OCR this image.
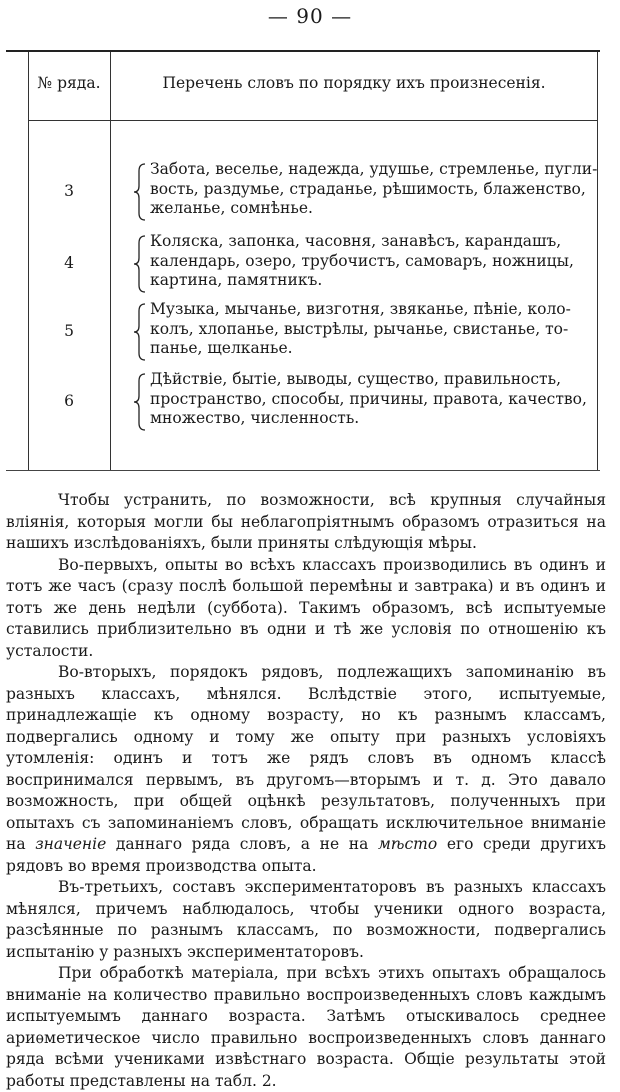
— 90 —
№ ряда.	Перечень словъ по порядку ихъ произнесенія.
3
Забота, веселье, надежда, удушье, стремленье, пугли-
вость, раздумье, страданье, рѣшимость, блаженство,
желанье, сомнѣнье.
4
Коляска, запонка, часовня, занавѣсъ, карандашъ,
календарь, озеро, трубочистъ, самоваръ, ножницы,
картина, памятникъ.
5
Музыка, мычанье, визготня, звяканье, пѣніе, коло-
колъ, хлопанье, выстрѣлы, рычанье, свистанье, то-
панье, щелканье.
6
Дѣйствіе, бытіе, выводы, существо, правильность,
пространство, способы, причины, правота, качество,
множество, численность.

Чтобы устранить, по возможности, всѣ крупныя случайныя вліянія, которыя могли бы неблагопріятнымъ образомъ отразиться на нашихъ изслѣдованіяхъ, были приняты слѣдующія мѣры.

Во-первыхъ, опыты во всѣхъ классахъ производились въ одинъ и тотъ же часъ (сразу послѣ большой перемѣны и завтрака) и въ одинъ и тотъ же день недѣли (суббота). Такимъ образомъ, всѣ испытуемые ставились приблизительно въ одни и тѣ же условія по отношенію къ усталости.

Во-вторыхъ, порядокъ рядовъ, подлежащихъ запоминанію въ разныхъ классахъ, мѣнялся. Вслѣдствіе этого, испытуемые, принадлежащіе къ одному возрасту, но къ разнымъ классамъ, подвергались одному и тому же опыту при разныхъ условіяхъ утомленія: одинъ и тотъ же рядъ словъ въ одномъ классѣ воспринимался первымъ, въ другомъ—вторымъ и т. д. Это давало возможность, при общей оцѣнкѣ результатовъ, полученныхъ при опытахъ съ запоминаніемъ словъ, обращать исключительное вниманіе на значеніе даннаго ряда словъ, а не на мѣсто его среди другихъ рядовъ во время производства опыта.

Въ-третьихъ, составъ экспериментаторовъ въ разныхъ классахъ мѣнялся, причемъ наблюдалось, чтобы ученики одного возраста, разсѣянные по разнымъ классамъ, по возможности, подвергались испытанію у разныхъ экспериментаторовъ.

При обработкѣ матеріала, при всѣхъ этихъ опытахъ обращалось вниманіе на количество правильно воспроизведенныхъ словъ каждымъ испытуемымъ даннаго возраста. Затѣмъ отыскивалось среднее ариѳметическое число правильно воспроизведенныхъ словъ даннаго ряда всѣми учениками извѣстнаго возраста. Общіе результаты этой работы представлены на табл. 2.
